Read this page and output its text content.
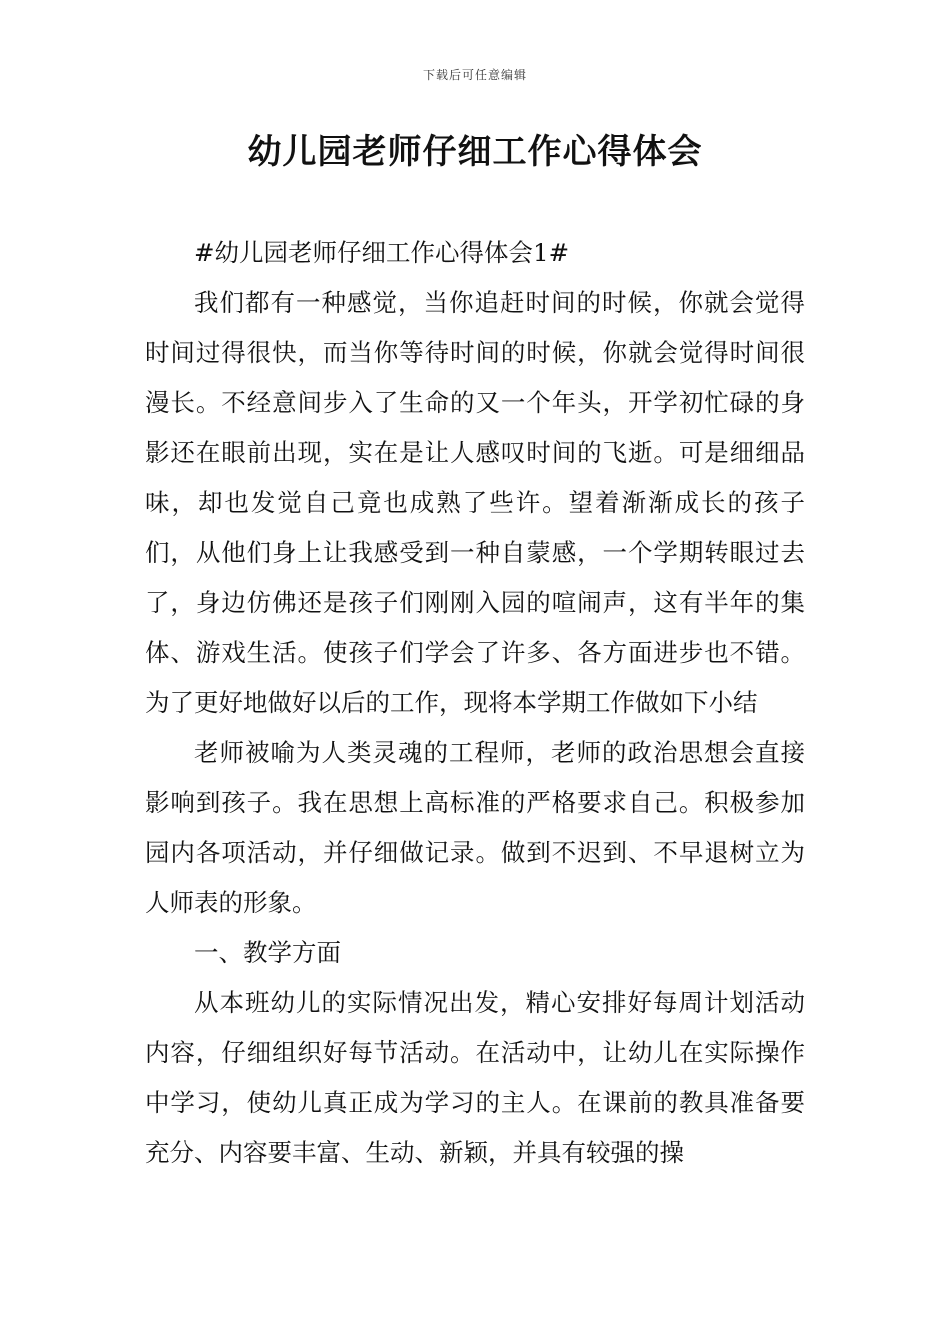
下载后可任意编辑
幼儿园老师仔细工作心得体会

#幼儿园老师仔细工作心得体会1#

我们都有一种感觉，当你追赶时间的时候，你就会觉得时间过得很快，而当你等待时间的时候，你就会觉得时间很漫长。不经意间步入了生命的又一个年头，开学初忙碌的身影还在眼前出现，实在是让人感叹时间的飞逝。可是细细品味，却也发觉自己竟也成熟了些许。望着渐渐成长的孩子们，从他们身上让我感受到一种自蒙感，一个学期转眼过去了，身边仿佛还是孩子们刚刚入园的喧闹声，这有半年的集体、游戏生活。使孩子们学会了许多、各方面进步也不错。为了更好地做好以后的工作，现将本学期工作做如下小结

老师被喻为人类灵魂的工程师，老师的政治思想会直接影响到孩子。我在思想上高标准的严格要求自己。积极参加园内各项活动，并仔细做记录。做到不迟到、不早退树立为人师表的形象。

一、教学方面

从本班幼儿的实际情况出发，精心安排好每周计划活动内容，仔细组织好每节活动。在活动中，让幼儿在实际操作中学习，使幼儿真正成为学习的主人。在课前的教具准备要充分、内容要丰富、生动、新颖，并具有较强的操
